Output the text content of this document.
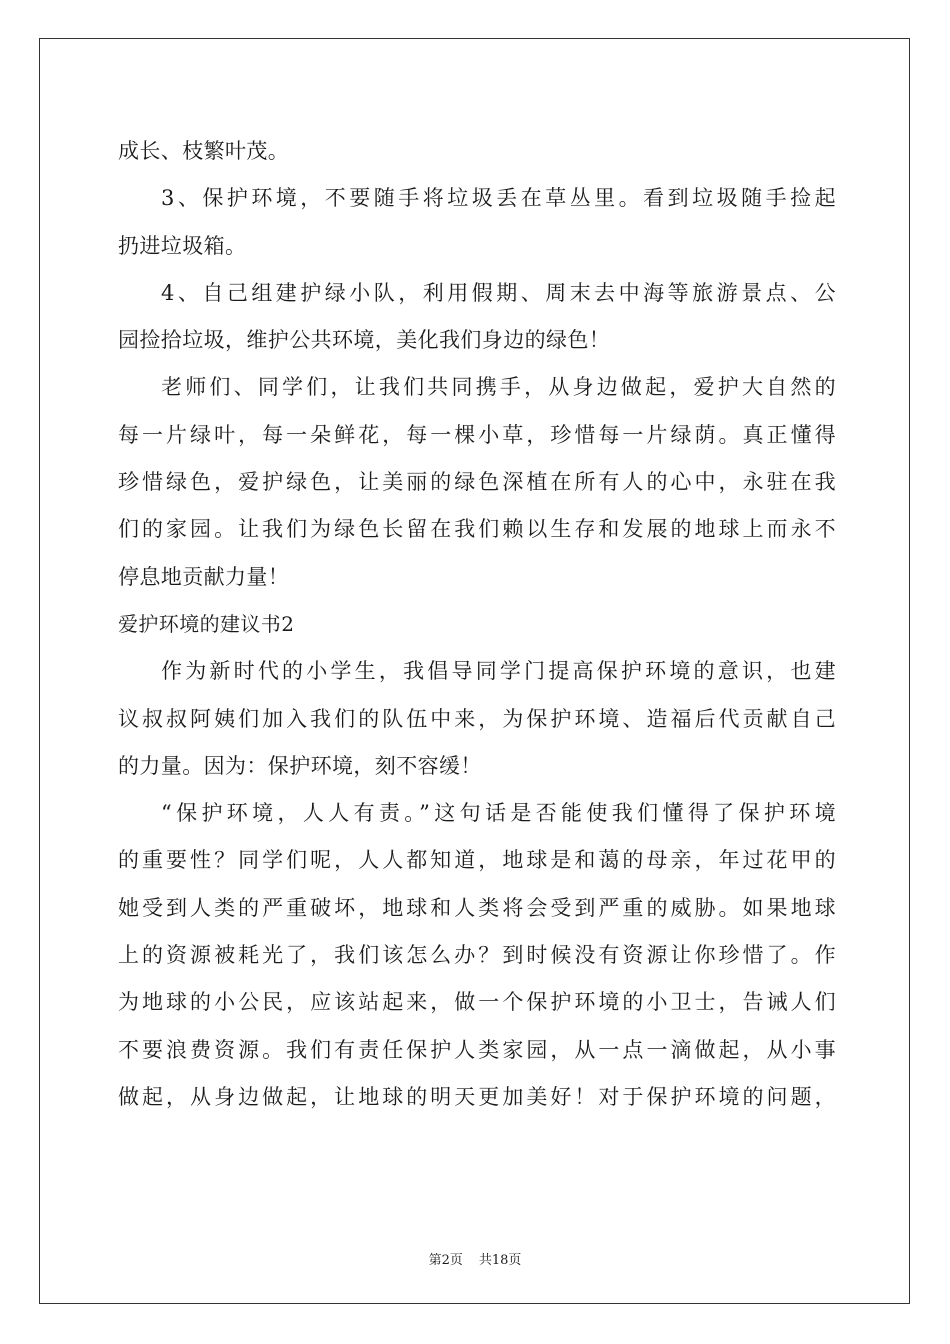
成长、枝繁叶茂。
3、保护环境，不要随手将垃圾丢在草丛里。看到垃圾随手捡起
扔进垃圾箱。
4、自己组建护绿小队，利用假期、周末去中海等旅游景点、公
园捡拾垃圾，维护公共环境，美化我们身边的绿色！
老师们、同学们，让我们共同携手，从身边做起，爱护大自然的
每一片绿叶，每一朵鲜花，每一棵小草，珍惜每一片绿荫。真正懂得
珍惜绿色，爱护绿色，让美丽的绿色深植在所有人的心中，永驻在我
们的家园。让我们为绿色长留在我们赖以生存和发展的地球上而永不
停息地贡献力量！
爱护环境的建议书2
作为新时代的小学生，我倡导同学门提高保护环境的意识，也建
议叔叔阿姨们加入我们的队伍中来，为保护环境、造福后代贡献自己
的力量。因为：保护环境，刻不容缓！
“保护环境，人人有责。”这句话是否能使我们懂得了保护环境
的重要性？同学们呢，人人都知道，地球是和蔼的母亲，年过花甲的
她受到人类的严重破坏，地球和人类将会受到严重的威胁。如果地球
上的资源被耗光了，我们该怎么办？到时候没有资源让你珍惜了。作
为地球的小公民，应该站起来，做一个保护环境的小卫士，告诫人们
不要浪费资源。我们有责任保护人类家园，从一点一滴做起，从小事
做起，从身边做起，让地球的明天更加美好！对于保护环境的问题，
第2页 共18页
